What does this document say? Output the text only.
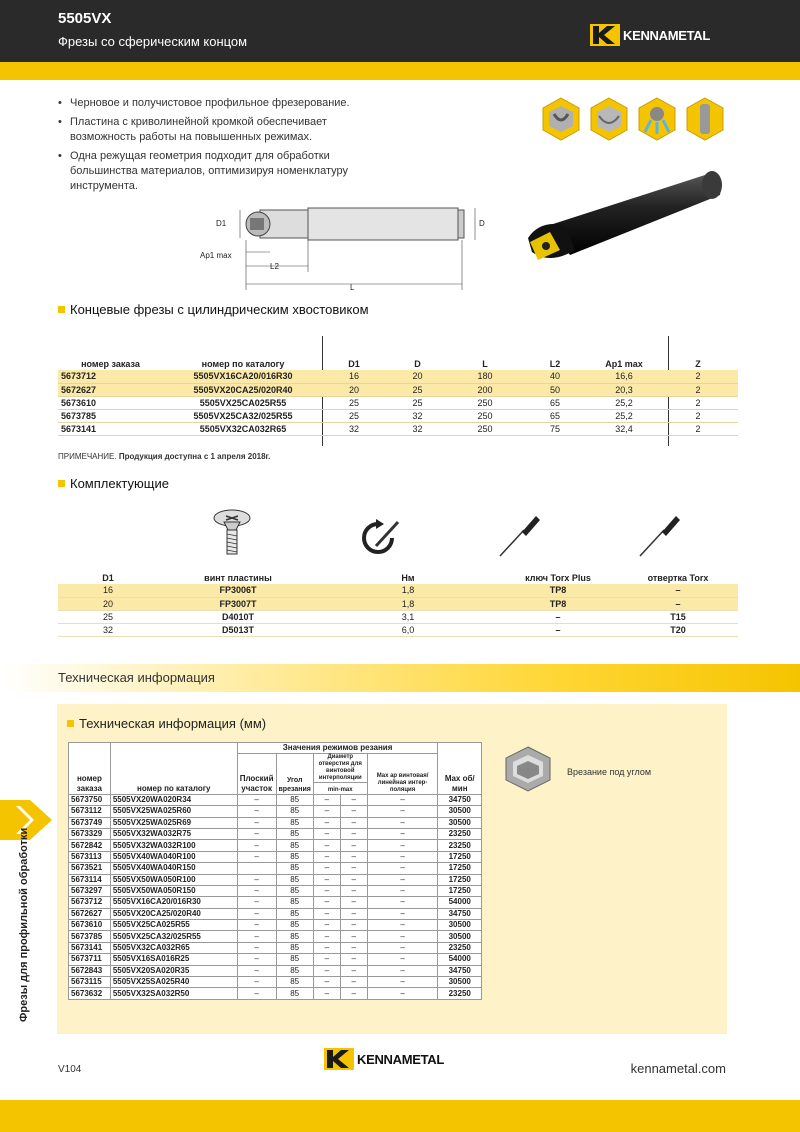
5505VX
Фрезы со сферическим концом	KENNAMETAL
• Черновое и получистовое профильное фрезерование.
• Пластина с криволинейной кромкой обеспечивает возможность работы на повышенных режимах.
• Одна режущая геометрия подходит для обработки большинства материалов, оптимизируя номенклатуру инструмента.
D1	D
Ap1 max
L2
L
Концевые фрезы с цилиндрическим хвостовиком
номер заказа	номер по каталогу	D1	D	L	L2	Ap1 max	Z
5673712	5505VX16CA20/016R30	16	20	180	40	16,6	2
5672627	5505VX20CA25/020R40	20	25	200	50	20,3	2
5673610	5505VX25CA025R55	25	25	250	65	25,2	2
5673785	5505VX25CA32/025R55	25	32	250	65	25,2	2
5673141	5505VX32CA032R65	32	32	250	75	32,4	2
ПРИМЕЧАНИЕ. Продукция доступна с 1 апреля 2018г.
Комплектующие
D1	винт пластины	Нм	ключ Torx Plus	отвертка Torx
16	FP3006T	1,8	TP8	–
20	FP3007T	1,8	TP8	–
25	D4010T	3,1	–	T15
32	D5013T	6,0	–	T20
Техническая информация
Техническая информация (мм)
номер заказа	номер по каталогу	Значения режимов резания					Max об/мин
		Плоский участок	Угол врезания	Диаметр отверстия для винтовой интерполяции		Max ap винтовая/линейная интер-поляция	
				min-max			
5673750	5505VX20WA020R34	–	85	–	–	–	34750
5673112	5505VX25WA025R60	–	85	–	–	–	30500
5673749	5505VX25WA025R69	–	85	–	–	–	30500
5673329	5505VX32WA032R75	–	85	–	–	–	23250
5672842	5505VX32WA032R100	–	85	–	–	–	23250
5673113	5505VX40WA040R100	–	85	–	–	–	17250
5673521	5505VX40WA040R150		85	–	–	–	17250
5673114	5505VX50WA050R100	–	85	–	–	–	17250
5673297	5505VX50WA050R150	–	85	–	–	–	17250
5673712	5505VX16CA20/016R30	–	85	–	–	–	54000
5672627	5505VX20CA25/020R40	–	85	–	–	–	34750
5673610	5505VX25CA025R55	–	85	–	–	–	30500
5673785	5505VX25CA32/025R55	–	85	–	–	–	30500
5673141	5505VX32CA032R65	–	85	–	–	–	23250
5673711	5505VX16SA016R25	–	85	–	–	–	54000
5672843	5505VX20SA020R35	–	85	–	–	–	34750
5673115	5505VX25SA025R40	–	85	–	–	–	30500
5673632	5505VX32SA032R50	–	85	–	–	–	23250
Врезание под углом
Фрезы для профильной обработки
V104
KENNAMETAL
kennametal.com
